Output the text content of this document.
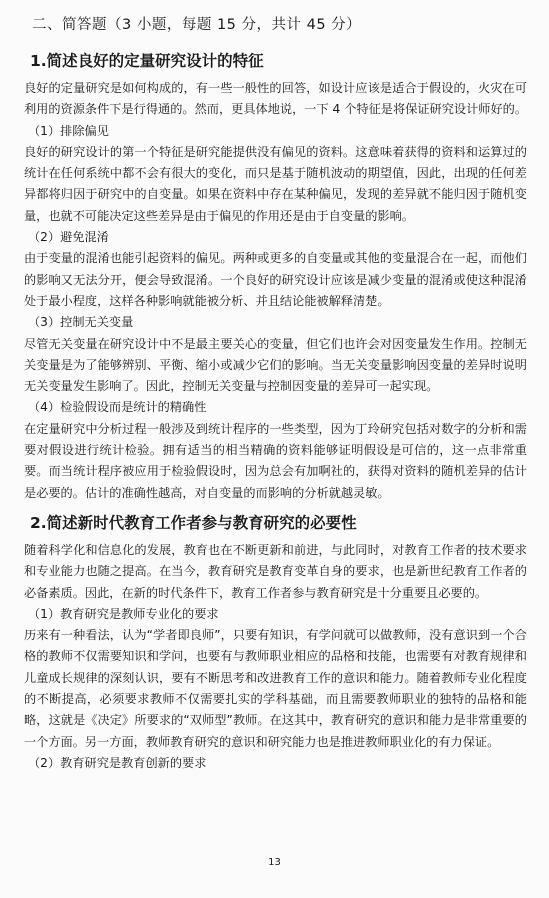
二、简答题（3 小题，每题 15 分，共计 45 分）
1.简述良好的定量研究设计的特征

良好的定量研究是如何构成的，有一些一般性的回答，如设计应该是适合于假设的，火灾在可利用的资源条件下是行得通的。然而，更具体地说，一下 4 个特征是将保证研究设计师好的。

（1）排除偏见

良好的研究设计的第一个特征是研究能提供没有偏见的资料。这意味着获得的资料和运算过的统计在任何系统中都不会有很大的变化，而只是基于随机波动的期望值，因此，出现的任何差异都将归因于研究中的自变量。如果在资料中存在某种偏见，发现的差异就不能归因于随机变量，也就不可能决定这些差异是由于偏见的作用还是由于自变量的影响。

（2）避免混淆

由于变量的混淆也能引起资料的偏见。两种或更多的自变量或其他的变量混合在一起，而他们的影响又无法分开，便会导致混淆。一个良好的研究设计应该是减少变量的混淆或使这种混淆处于最小程度，这样各种影响就能被分析、并且结论能被解释清楚。

（3）控制无关变量

尽管无关变量在研究设计中不是最主要关心的变量，但它们也许会对因变量发生作用。控制无关变量是为了能够辨别、平衡、缩小或减少它们的影响。当无关变量影响因变量的差异时说明无关变量发生影响了。因此，控制无关变量与控制因变量的差异可一起实现。

（4）检验假设而是统计的精确性

在定量研究中分析过程一般涉及到统计程序的一些类型，因为丁玲研究包括对数字的分析和需要对假设进行统计检验。拥有适当的相当精确的资料能够证明假设是可信的，这一点非常重要。而当统计程序被应用于检验假设时，因为总会有加啊社的，获得对资料的随机差异的估计是必要的。估计的准确性越高，对自变量的而影响的分析就越灵敏。

2.简述新时代教育工作者参与教育研究的必要性

随着科学化和信息化的发展，教育也在不断更新和前进，与此同时，对教育工作者的技术要求和专业能力也随之提高。在当今，教育研究是教育变革自身的要求，也是新世纪教育工作者的必备素质。因此，在新的时代条件下，教育工作者参与教育研究是十分重要且必要的。

（1）教育研究是教师专业化的要求

历来有一种看法，认为“学者即良师”，只要有知识，有学问就可以做教师，没有意识到一个合格的教师不仅需要知识和学问，也要有与教师职业相应的品格和技能，也需要有对教育规律和儿童成长规律的深刻认识，要有不断思考和改进教育工作的意识和能力。随着教师专业化程度的不断提高，必须要求教师不仅需要扎实的学科基础，而且需要教师职业的独特的品格和能略，这就是《决定》所要求的“双师型”教师。在这其中，教育研究的意识和能力是非常重要的一个方面。另一方面，教师教育研究的意识和研究能力也是推进教师职业化的有力保证。

（2）教育研究是教育创新的要求
13
